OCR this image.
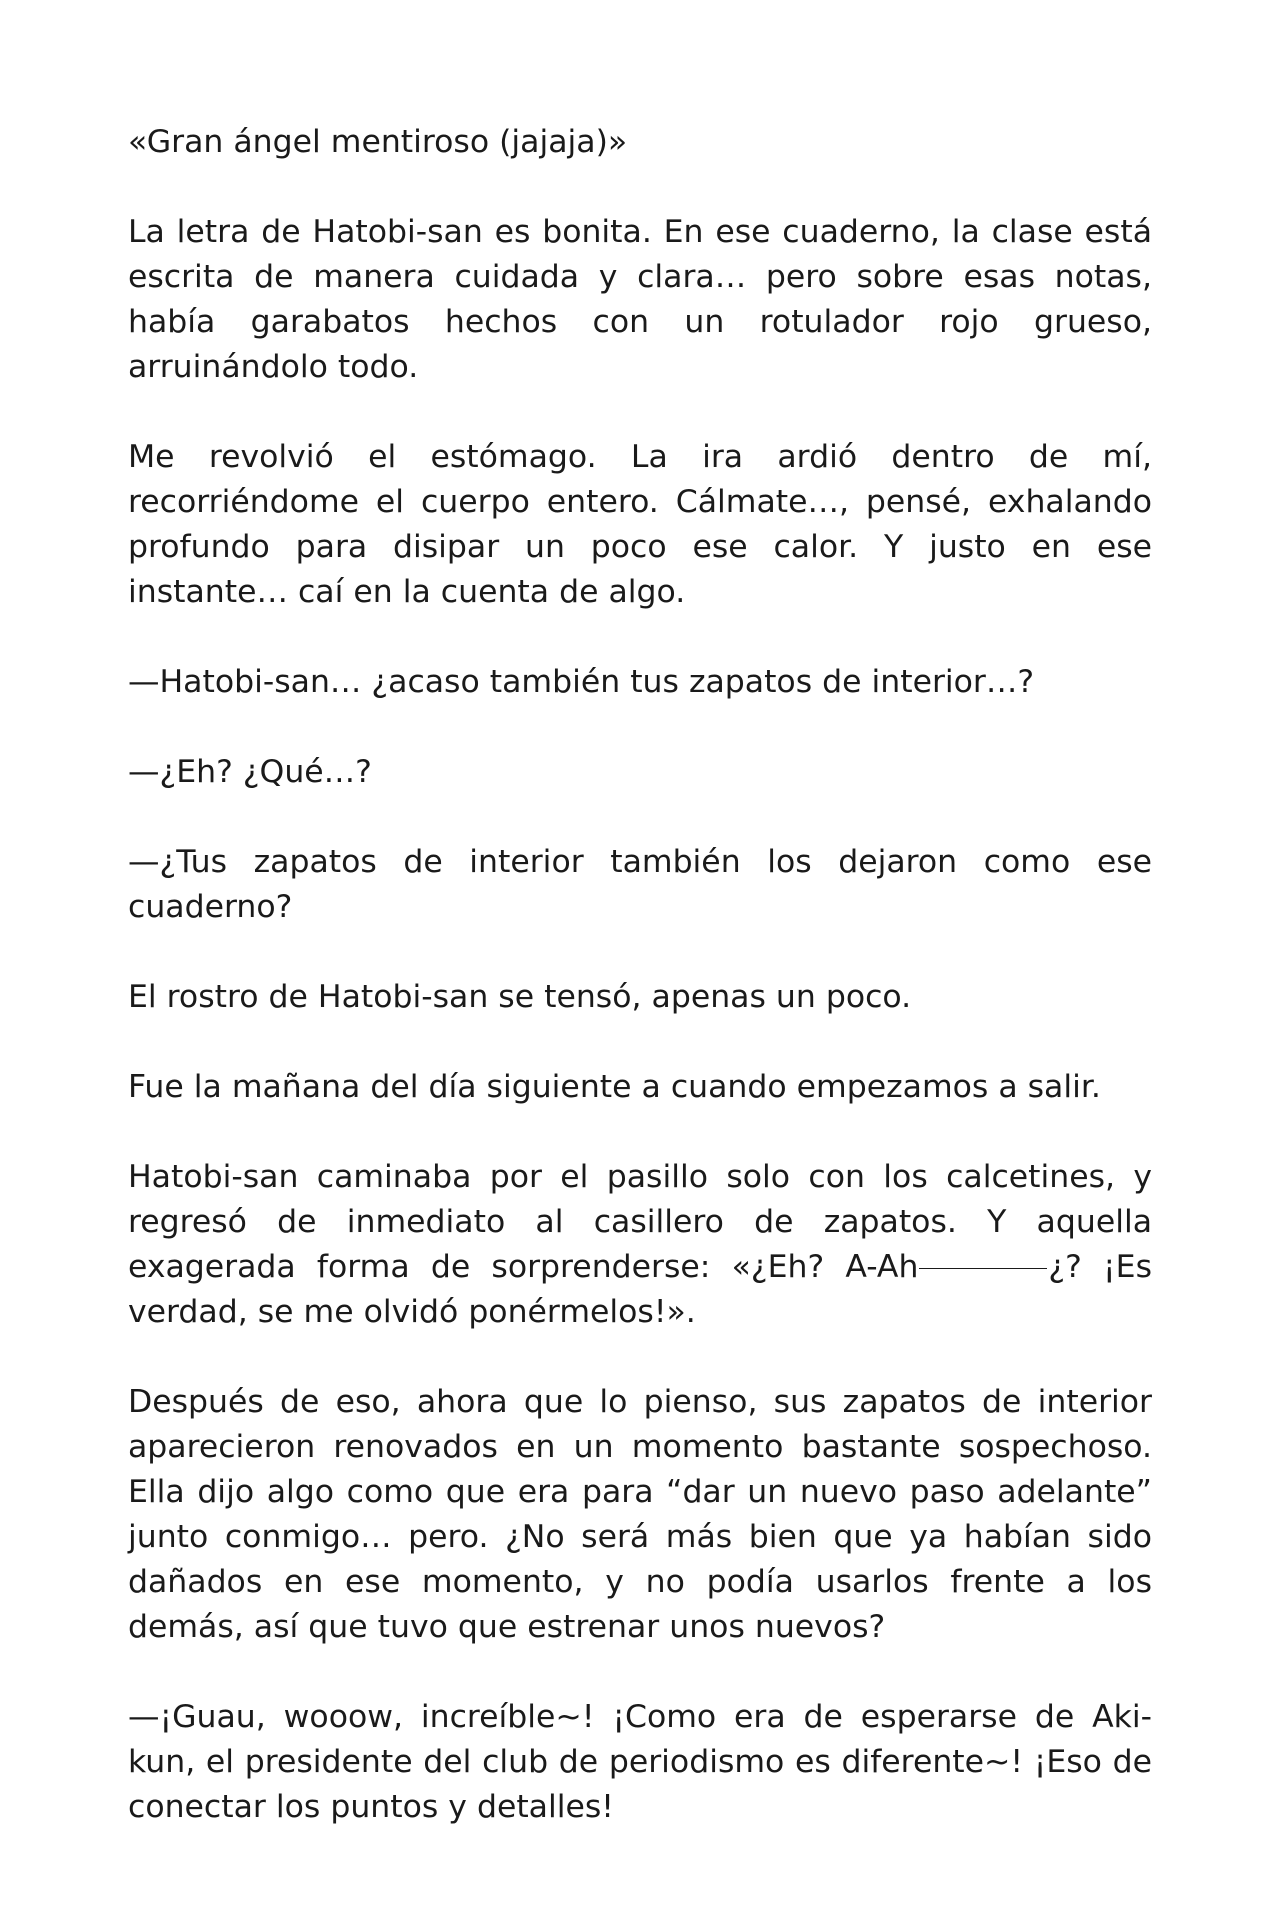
«Gran ángel mentiroso (jajaja)»

La letra de Hatobi-san es bonita. En ese cuaderno, la clase está escrita de manera cuidada y clara… pero sobre esas notas, había garabatos hechos con un rotulador rojo grueso, arruinándolo todo.

Me revolvió el estómago. La ira ardió dentro de mí, recorriéndome el cuerpo entero. Cálmate…, pensé, exhalando profundo para disipar un poco ese calor. Y justo en ese instante… caí en la cuenta de algo.

—Hatobi-san… ¿acaso también tus zapatos de interior…?

—¿Eh? ¿Qué…?

—¿Tus zapatos de interior también los dejaron como ese cuaderno?

El rostro de Hatobi-san se tensó, apenas un poco.

Fue la mañana del día siguiente a cuando empezamos a salir.

Hatobi-san caminaba por el pasillo solo con los calcetines, y regresó de inmediato al casillero de zapatos. Y aquella exagerada forma de sorprenderse: «¿Eh? A-Ah	¿? ¡Es verdad, se me olvidó ponérmelos!».

Después de eso, ahora que lo pienso, sus zapatos de interior aparecieron renovados en un momento bastante sospechoso. Ella dijo algo como que era para “dar un nuevo paso adelante” junto conmigo… pero. ¿No será más bien que ya habían sido dañados en ese momento, y no podía usarlos frente a los demás, así que tuvo que estrenar unos nuevos?

—¡Guau, wooow, increíble~! ¡Como era de esperarse de Aki-kun, el presidente del club de periodismo es diferente~! ¡Eso de conectar los puntos y detalles!
